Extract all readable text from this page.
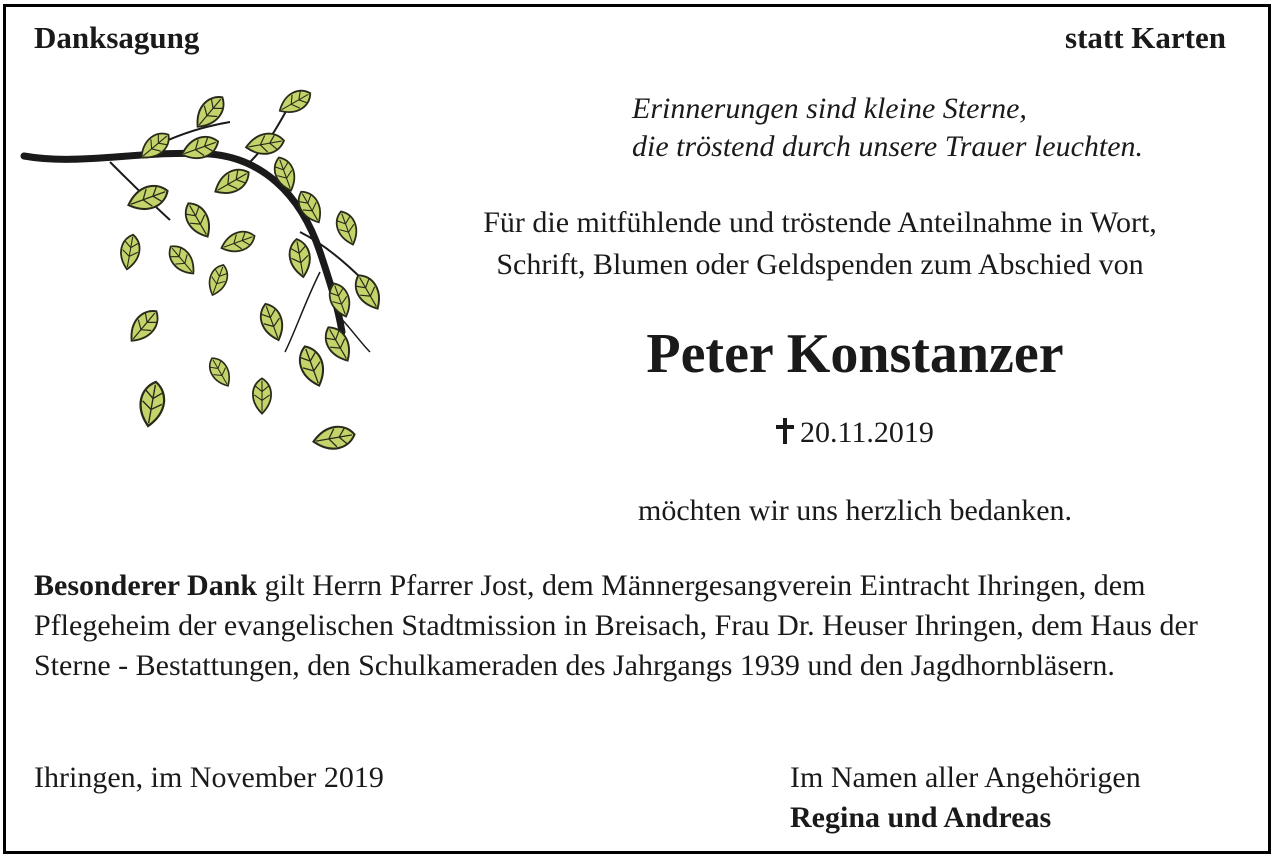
Danksagung	statt Karten
Erinnerungen sind kleine Sterne,
die tröstend durch unsere Trauer leuchten.
Für die mitfühlende und tröstende Anteilnahme in Wort,
Schrift, Blumen oder Geldspenden zum Abschied von
Peter Konstanzer
20.11.2019
möchten wir uns herzlich bedanken.
Besonderer Dank gilt Herrn Pfarrer Jost, dem Männergesangverein Eintracht Ihringen, dem Pflegeheim der evangelischen Stadtmission in Breisach, Frau Dr. Heuser Ihringen, dem Haus der Sterne - Bestattungen, den Schulkameraden des Jahrgangs 1939 und den Jagdhornbläsern.
Ihringen, im November 2019	Im Namen aller Angehörigen
Regina und Andreas
